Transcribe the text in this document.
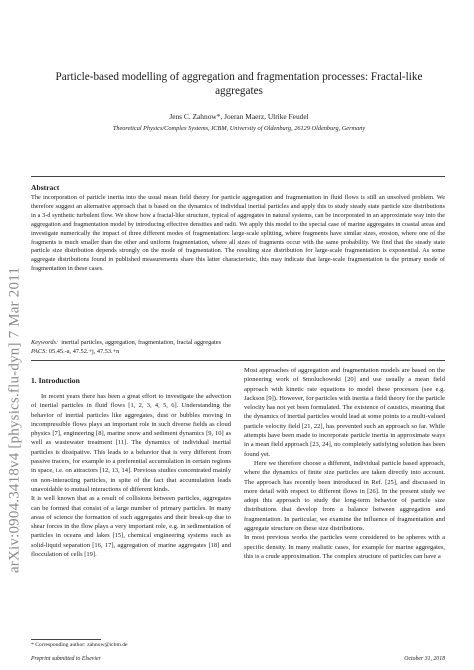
arXiv:0904.3418v4 [physics.flu-dyn] 7 Mar 2011
Particle-based modelling of aggregation and fragmentation processes: Fractal-like aggregates
Jens C. Zahnow*, Joeran Maerz, Ulrike Feudel
Theoretical Physics/Complex Systems, ICBM, University of Oldenburg, 26129 Oldenburg, Germany
Abstract
The incorporation of particle inertia into the usual mean field theory for particle aggregation and fragmentation in fluid flows is still an unsolved problem. We therefore suggest an alternative approach that is based on the dynamics of individual inertial particles and apply this to study steady state particle size distributions in a 3-d synthetic turbulent flow. We show how a fractal-like structure, typical of aggregates in natural systems, can be incorporated in an approximate way into the aggregation and fragmentation model by introducing effective densities and radii. We apply this model to the special case of marine aggregates in coastal areas and investigate numerically the impact of three different modes of fragmentation: large-scale splitting, where fragments have similar sizes, erosion, where one of the fragments is much smaller than the other and uniform fragmentation, where all sizes of fragments occur with the same probability. We find that the steady state particle size distribution depends strongly on the mode of fragmentation. The resulting size distribution for large-scale fragmentation is exponential. As some aggregate distributions found in published measurements share this latter characteristic, this may indicate that large-scale fragmentation is the primary mode of fragmentation in these cases.
Keywords: inertial particles, aggregation, fragmentation, fractal aggregates
PACS: 05.45.-a, 47.52.+j, 47.53.+n
1. Introduction

In recent years there has been a great effort to investigate the advection of inertial particles in fluid flows [1, 2, 3, 4, 5, 6]. Understanding the behavior of inertial particles like aggregates, dust or bubbles moving in incompressible flows plays an important role in such diverse fields as cloud physics [7], engineering [8], marine snow and sediment dynamics [9, 10] as well as wastewater treatment [11]. The dynamics of individual inertial particles is dissipative. This leads to a behavior that is very different from passive tracers, for example to a preferential accumulation in certain regions in space, i.e. on attractors [12, 13, 14]. Previous studies concentrated mainly on non-interacting particles, in spite of the fact that accumulation leads unavoidable to mutual interactions of different kinds.

It is well known that as a result of collisions between particles, aggregates can be formed that consist of a large number of primary particles. In many areas of science the formation of such aggregates and their break-up due to shear forces in the flow plays a very important role, e.g. in sedimentation of particles in oceans and lakes [15], chemical engineering systems such as solid-liquid separation [16, 17], aggregation of marine aggregates [18] and flocculation of cells [19].

Most approaches of aggregation and fragmentation models are based on the pioneering work of Smoluchowski [20] and use usually a mean field approach with kinetic rate equations to model these processes (see e.g. Jackson [9]). However, for particles with inertia a field theory for the particle velocity has not yet been formulated. The existence of caustics, meaning that the dynamics of inertial particles would lead at some points to a multi-valued particle velocity field [21, 22], has prevented such an approach so far. While attempts have been made to incorporate particle inertia in approximate ways in a mean field approach [23, 24], no completely satisfying solution has been found yet.

Here we therefore choose a different, individual particle based approach, where the dynamics of finite size particles are taken directly into account. The approach has recently been introduced in Ref. [25], and discussed in more detail with respect to different flows in [26]. In the present study we adopt this approach to study the long-term behavior of particle size distributions that develop from a balance between aggregation and fragmentation. In particular, we examine the influence of fragmentation and aggregate structure on these size distributions.

In most previous works the particles were considered to be spheres with a specific density. In many realistic cases, for example for marine aggregates, this is a crude approximation. The complex structure of particles can have a

* Corresponding author: zahnow@icbm.de
Preprint submitted to Elsevier	October 31, 2018
